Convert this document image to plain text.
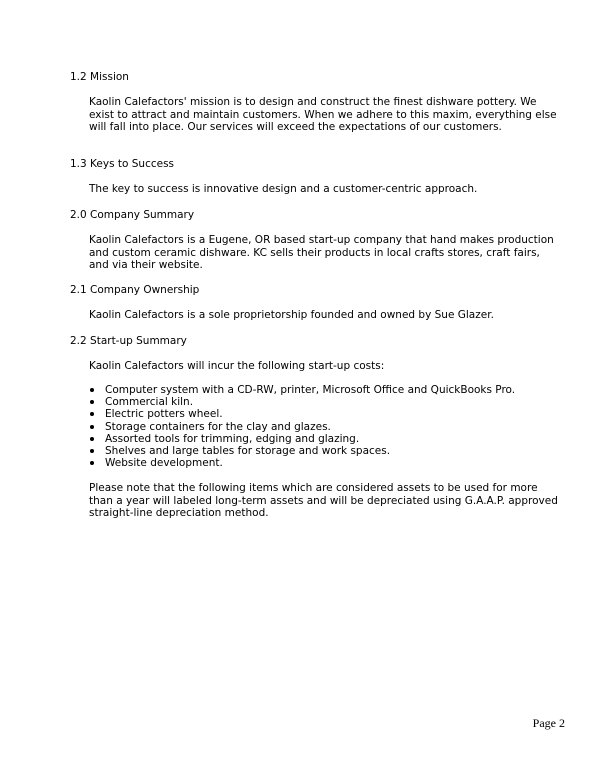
1.2 Mission
Kaolin Calefactors' mission is to design and construct the finest dishware pottery. We exist to attract and maintain customers. When we adhere to this maxim, everything else will fall into place. Our services will exceed the expectations of our customers.
1.3 Keys to Success
The key to success is innovative design and a customer-centric approach.
2.0 Company Summary
Kaolin Calefactors is a Eugene, OR based start-up company that hand makes production and custom ceramic dishware. KC sells their products in local crafts stores, craft fairs, and via their website.
2.1 Company Ownership
Kaolin Calefactors is a sole proprietorship founded and owned by Sue Glazer.
2.2 Start-up Summary
Kaolin Calefactors will incur the following start-up costs:
Computer system with a CD-RW, printer, Microsoft Office and QuickBooks Pro.
Commercial kiln.
Electric potters wheel.
Storage containers for the clay and glazes.
Assorted tools for trimming, edging and glazing.
Shelves and large tables for storage and work spaces.
Website development.
Please note that the following items which are considered assets to be used for more than a year will labeled long-term assets and will be depreciated using G.A.A.P. approved straight-line depreciation method.
Page 2
